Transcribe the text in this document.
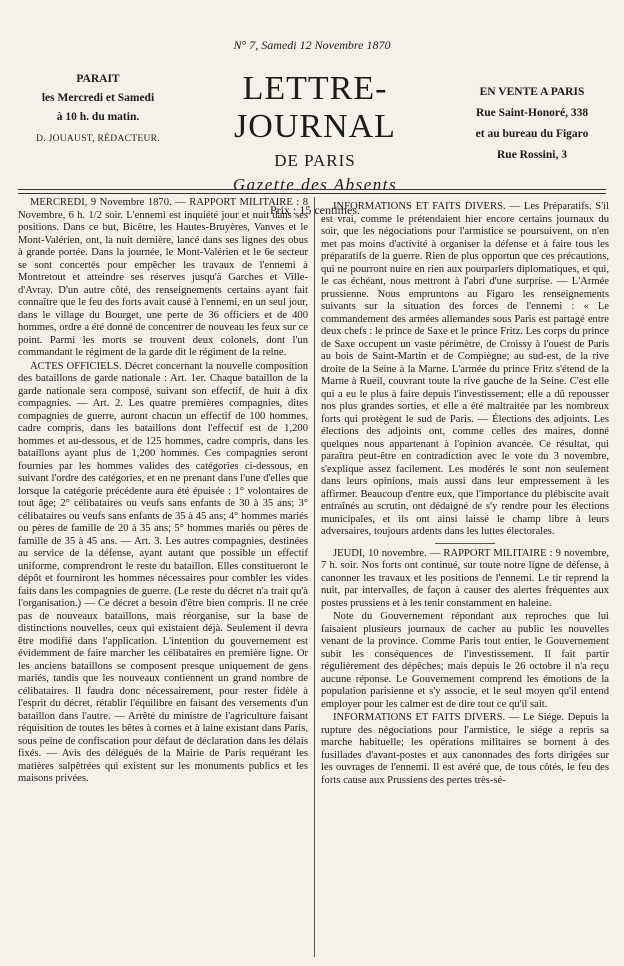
N° 7, Samedi 12 Novembre 1870
PARAIT
les Mercredi et Samedi
à 10 h. du matin.
D. JOUAUST, RÉDACTEUR.
LETTRE-JOURNAL
DE PARIS
Gazette des Absents
Prix : 15 centimes.
EN VENTE A PARIS
Rue Saint-Honoré, 338
et au bureau du Figaro
Rue Rossini, 3

MERCREDI, 9 Novembre 1870. — RAPPORT MILITAIRE : 8 Novembre, 6 h. 1/2 soir. L'ennemi est inquiété jour et nuit dans ses positions. Dans ce but, Bicêtre, les Hautes-Bruyères, Vanves et le Mont-Valérien, ont, la nuit dernière, lancé dans ses lignes des obus à grande portée. Dans la journée, le Mont-Valérien et le 6e secteur se sont concertés pour empêcher les travaux de l'ennemi à Montretout et atteindre ses réserves jusqu'à Garches et Ville-d'Avray. D'un autre côté, des renseignements certains ayant fait connaître que le feu des forts avait causé à l'ennemi, en un seul jour, dans le village du Bourget, une perte de 36 officiers et de 400 hommes, ordre a été donné de concentrer de nouveau les feux sur ce point. Parmi les morts se trouvent deux colonels, dont l'un commandant le régiment de la garde dit le régiment de la reine.

ACTES OFFICIELS. Décret concernant la nouvelle composition des bataillons de garde nationale : Art. 1er. Chaque bataillon de la garde nationale sera composé, suivant son effectif, de huit à dix compagnies. — Art. 2. Les quatre premières compagnies, dites compagnies de guerre, auront chacun un effectif de 100 hommes, cadre compris, dans les bataillons dont l'effectif est de 1,200 hommes et au-dessous, et de 125 hommes, cadre compris, dans les bataillons ayant plus de 1,200 hommes. Ces compagnies seront fournies par les hommes valides des catégories ci-dessous, en suivant l'ordre des catégories, et en ne prenant dans l'une d'elles que lorsque la catégorie précédente aura été épuisée : 1° volontaires de tout âge; 2° célibataires ou veufs sans enfants de 30 à 35 ans; 3° célibataires ou veufs sans enfants de 35 à 45 ans; 4° hommes mariés ou pères de famille de 20 à 35 ans; 5° hommes mariés ou pères de famille de 35 à 45 ans. — Art. 3. Les autres compagnies, destinées au service de la défense, ayant autant que possible un effectif uniforme, comprendront le reste du bataillon. Elles constitueront le dépôt et fourniront les hommes nécessaires pour combler les vides faits dans les compagnies de guerre. (Le reste du décret n'a trait qu'à l'organisation.) — Ce décret a besoin d'être bien compris. Il ne crée pas de nouveaux bataillons, mais réorganise, sur la base de distinctions nouvelles, ceux qui existaient déjà. Seulement il devra être modifié dans l'application. L'intention du gouvernement est évidemment de faire marcher les célibataires en première ligne. Or les anciens bataillons se composent presque uniquement de gens mariés, tandis que les nouveaux contiennent un grand nombre de célibataires. Il faudra donc nécessairement, pour rester fidèle à l'esprit du décret, rétablir l'équilibre en faisant des versements d'un bataillon dans l'autre. — Arrêté du ministre de l'agriculture faisant réquisition de toutes les bêtes à cornes et à laine existant dans Paris, sous peine de confiscation pour défaut de déclaration dans les délais fixés. — Avis des délégués de la Mairie de Paris requérant les matières salpêtrées qui existent sur les monuments publics et les maisons privées.

INFORMATIONS ET FAITS DIVERS. — Les Préparatifs. S'il est vrai, comme le prétendaient hier encore certains journaux du soir, que les négociations pour l'armistice se poursuivent, on n'en met pas moins d'activité à organiser la défense et à faire tous les préparatifs de la guerre. Rien de plus opportun que ces précautions, qui ne pourront nuire en rien aux pourparlers diplomatiques, et qui, le cas échéant, nous mettront à l'abri d'une surprise. — L'Armée prussienne. Nous empruntons au Figaro les renseignements suivants sur la situation des forces de l'ennemi : « Le commandement des armées allemandes sous Paris est partagé entre deux chefs : le prince de Saxe et le prince Fritz. Les corps du prince de Saxe occupent un vaste périmètre, de Croissy à l'ouest de Paris au bois de Saint-Martin et de Compiègne; au sud-est, de la rive droite de la Seine à la Marne. L'armée du prince Fritz s'étend de la Marne à Rueil, couvrant toute la rive gauche de la Seine. C'est elle qui a eu le plus à faire depuis l'investissement; elle a dû repousser nos plus grandes sorties, et elle a été maltraitée par les nombreux forts qui protègent le sud de Paris. — Élections des adjoints. Les élections des adjoints ont, comme celles des maires, donné quelques nous appartenant à l'opinion avancée. Ce résultat, qui paraîtra peut-être en contradiction avec le vote du 3 novembre, s'explique assez facilement. Les modérés le sont non seulement dans leurs opinions, mais aussi dans leur empressement à les affirmer. Beaucoup d'entre eux, que l'importance du plébiscite avait entraînés au scrutin, ont dédaigné de s'y rendre pour les élections municipales, et ils ont ainsi laissé le champ libre à leurs adversaires, toujours ardents dans les luttes électorales.

JEUDI, 10 novembre. — RAPPORT MILITAIRE : 9 novembre, 7 h. soir. Nos forts ont continué, sur toute notre ligne de défense, à canonner les travaux et les positions de l'ennemi. Le tir reprend la nuit, par intervalles, de façon à causer des alertes fréquentes aux postes prussiens et à les tenir constamment en haleine.

Note du Gouvernement répondant aux reproches que lui faisaient plusieurs journaux de cacher au public les nouvelles venant de la province. Comme Paris tout entier, le Gouvernement subit les conséquences de l'investissement. Il fait partir régulièrement des dépêches; mais depuis le 26 octobre il n'a reçu aucune réponse. Le Gouvernement comprend les émotions de la population parisienne et s'y associe, et le seul moyen qu'il entend employer pour les calmer est de dire tout ce qu'il sait.

INFORMATIONS ET FAITS DIVERS. — Le Siége. Depuis la rupture des négociations pour l'armistice, le siége a repris sa marche habituelle; les opérations militaires se bornent à des fusillades d'avant-postes et aux canonnades des forts dirigées sur les ouvrages de l'ennemi. Il est avéré que, de tous côtés, le feu des forts cause aux Prussiens des pertes très-sé-
